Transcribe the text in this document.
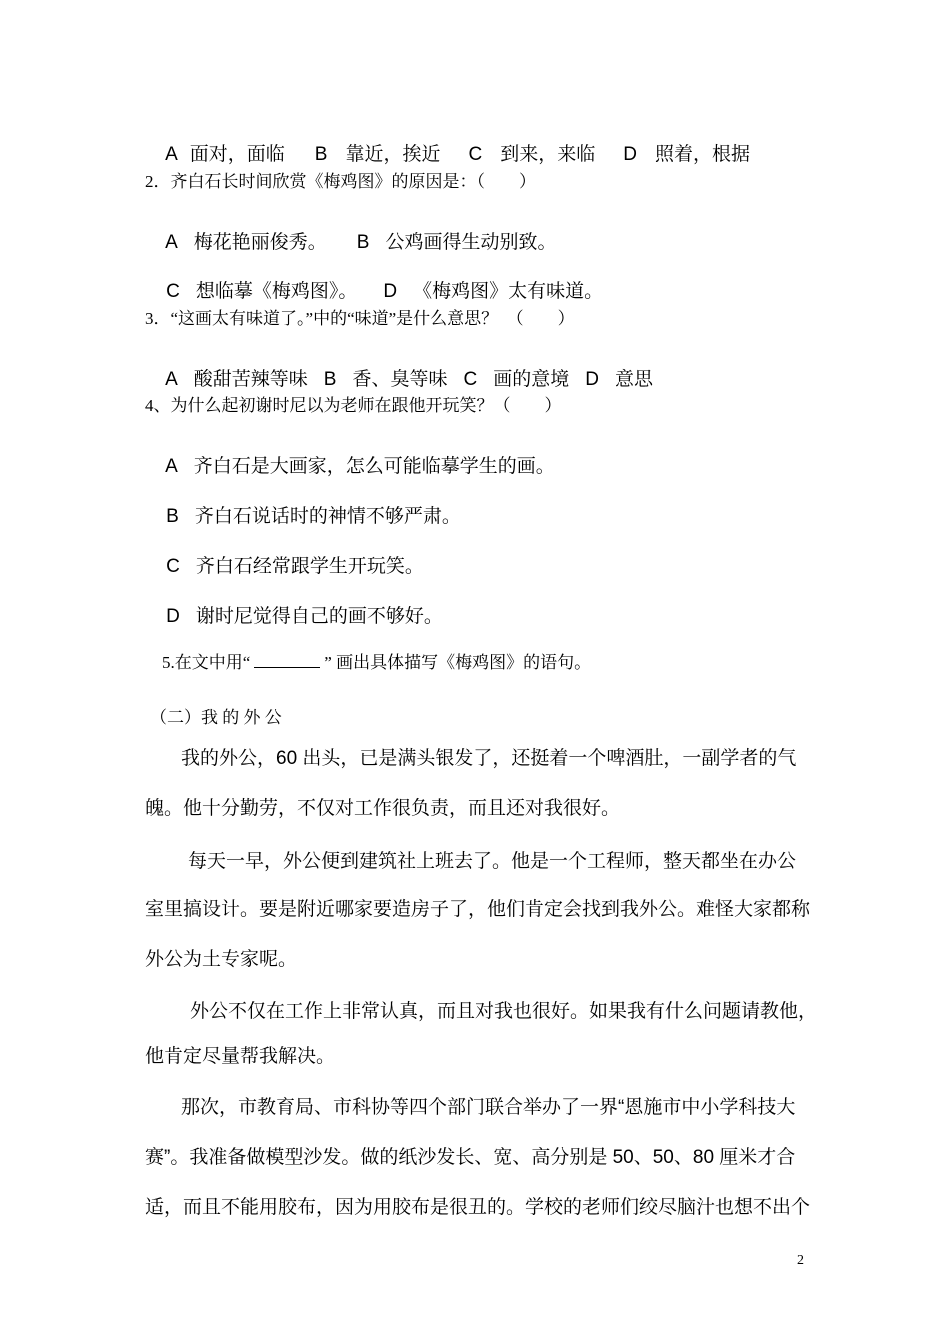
A 面对，面临 B 靠近，挨近 C 到来，来临 D 照着，根据

2．齐白石长时间欣赏《梅鸡图》的原因是：（　　）

A 梅花艳丽俊秀。 B 公鸡画得生动别致。

C 想临摹《梅鸡图》。 D 《梅鸡图》太有味道。

3．“这画太有味道了。”中的“味道”是什么意思？　（　　）

A 酸甜苦辣等味 B 香、臭等味 C 画的意境 D 意思

4、为什么起初谢时尼以为老师在跟他开玩笑？（　　）

A 齐白石是大画家，怎么可能临摹学生的画。

B 齐白石说话时的神情不够严肃。

C 齐白石经常跟学生开玩笑。

D 谢时尼觉得自己的画不够好。

5.在文中用“	” 画出具体描写《梅鸡图》的语句。

（二）我 的 外 公
我的外公，60 出头，已是满头银发了，还挺着一个啤酒肚，一副学者的气
魄。他十分勤劳，不仅对工作很负责，而且还对我很好。
每天一早，外公便到建筑社上班去了。他是一个工程师，整天都坐在办公
室里搞设计。要是附近哪家要造房子了，他们肯定会找到我外公。难怪大家都称
外公为土专家呢。
外公不仅在工作上非常认真，而且对我也很好。如果我有什么问题请教他，
他肯定尽量帮我解决。
那次，市教育局、市科协等四个部门联合举办了一界“恩施市中小学科技大
赛”。我准备做模型沙发。做的纸沙发长、宽、高分别是 50、50、80 厘米才合
适，而且不能用胶布，因为用胶布是很丑的。学校的老师们绞尽脑汁也想不出个
2
